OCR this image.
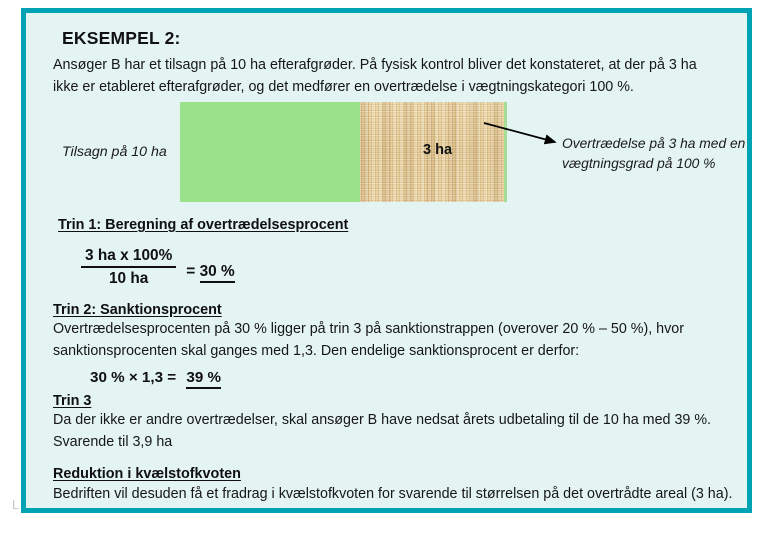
L
EKSEMPEL 2:
Ansøger B har et tilsagn på 10 ha efterafgrøder. På fysisk kontrol bliver det konstateret, at der på 3 ha ikke er etableret efterafgrøder, og det medfører en overtrædelse i vægtningskategori 100 %.
Tilsagn på 10 ha	3 ha	Overtrædelse på 3 ha med en vægtningsgrad på 100 %
Trin 1: Beregning af overtrædelsesprocent
$\frac{\text{3 ha x 100\%}}{10 ha} = 30$ %
Trin 2: Sanktionsprocent
Overtrædelsesprocenten på 30 % ligger på trin 3 på sanktionstrappen (overover 20 % – 50 %), hvor sanktionsprocenten skal ganges med 1,3. Den endelige sanktionsprocent er derfor:
30 % × 1,3 = 39 %
Trin 3
Da der ikke er andre overtrædelser, skal ansøger B have nedsat årets udbetaling til de 10 ha med 39 %. Svarende til 3,9 ha
Reduktion i kvælstofkvoten
Bedriften vil desuden få et fradrag i kvælstofkvoten for svarende til størrelsen på det overtrådte areal (3 ha).
